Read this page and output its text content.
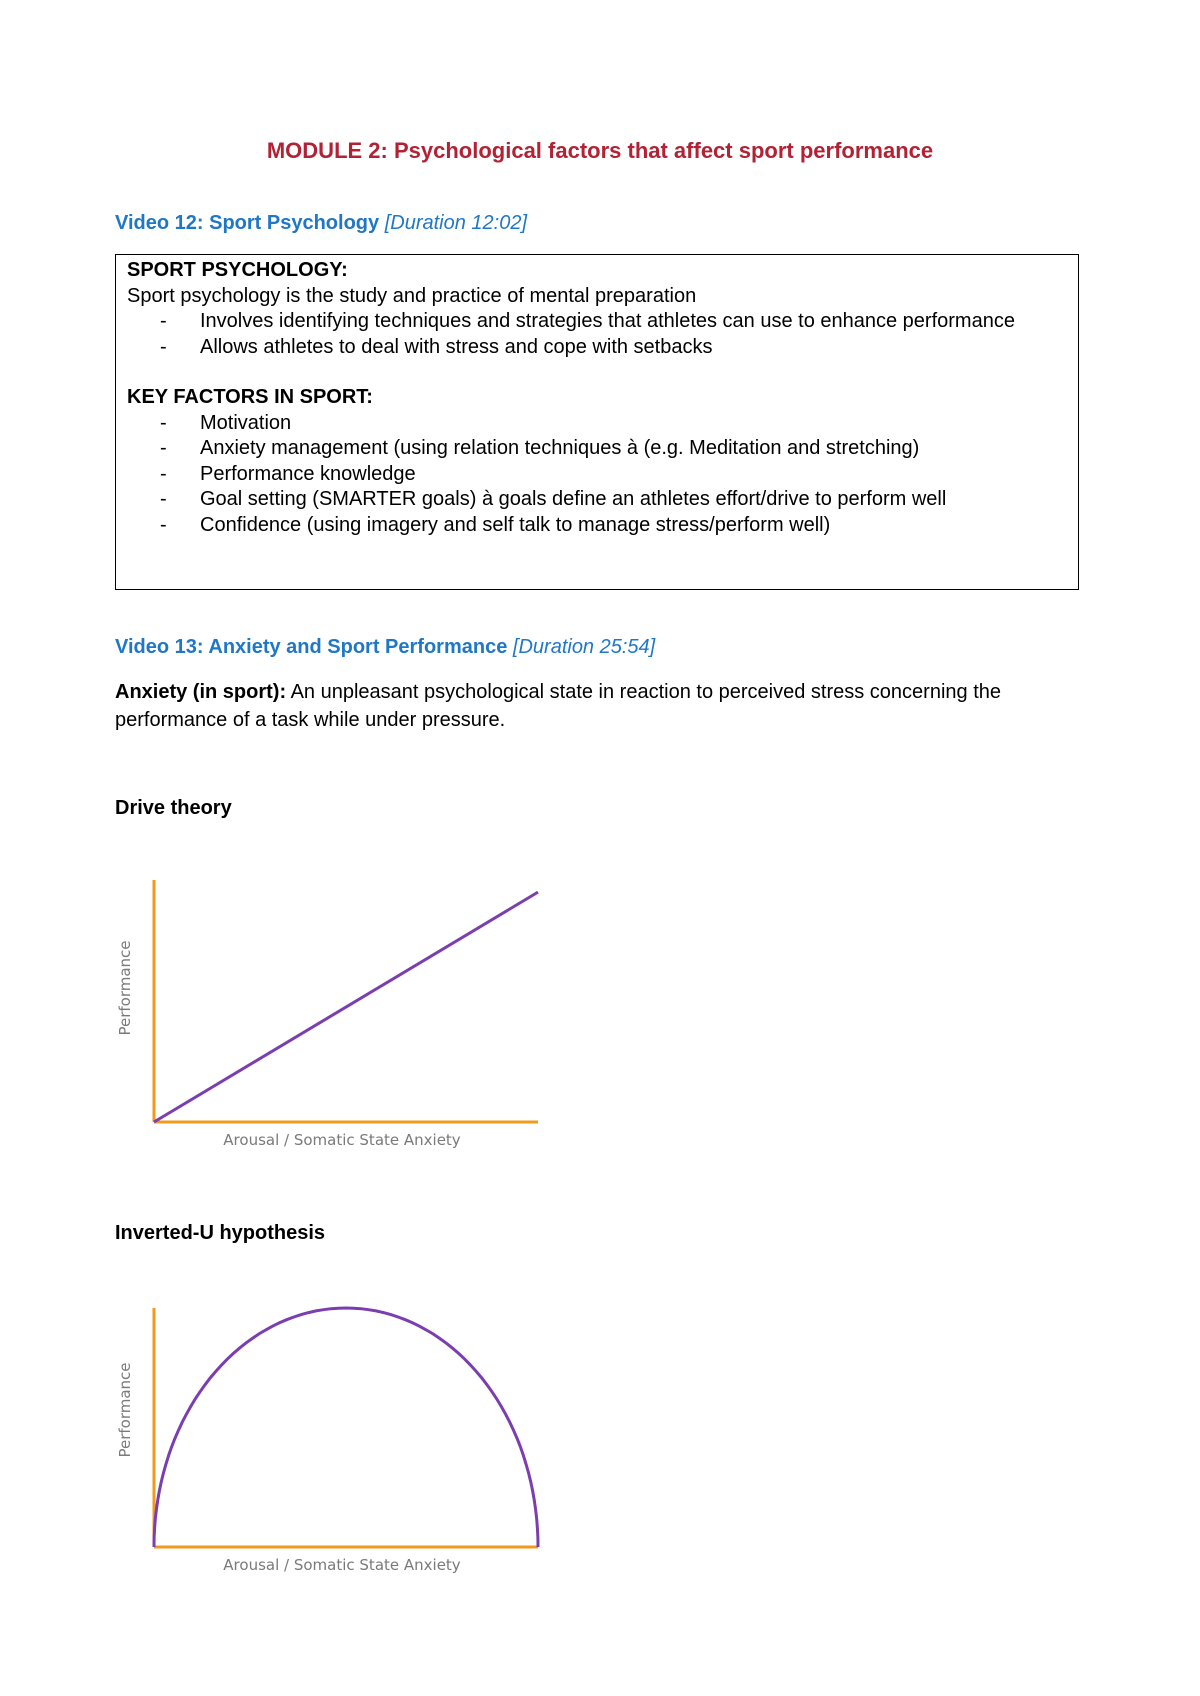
MODULE 2: Psychological factors that affect sport performance
Video 12: Sport Psychology [Duration 12:02]
SPORT PSYCHOLOGY:
Sport psychology is the study and practice of mental preparation
- Involves identifying techniques and strategies that athletes can use to enhance performance
- Allows athletes to deal with stress and cope with setbacks
KEY FACTORS IN SPORT:
- Motivation
- Anxiety management (using relation techniques à (e.g. Meditation and stretching)
- Performance knowledge
- Goal setting (SMARTER goals) à goals define an athletes effort/drive to perform well
- Confidence (using imagery and self talk to manage stress/perform well)
Video 13: Anxiety and Sport Performance [Duration 25:54]
Anxiety (in sport): An unpleasant psychological state in reaction to perceived stress concerning the performance of a task while under pressure.
Drive theory
Arousal / Somatic State Anxiety
Performance
Inverted-U hypothesis
Arousal / Somatic State Anxiety
Performance
